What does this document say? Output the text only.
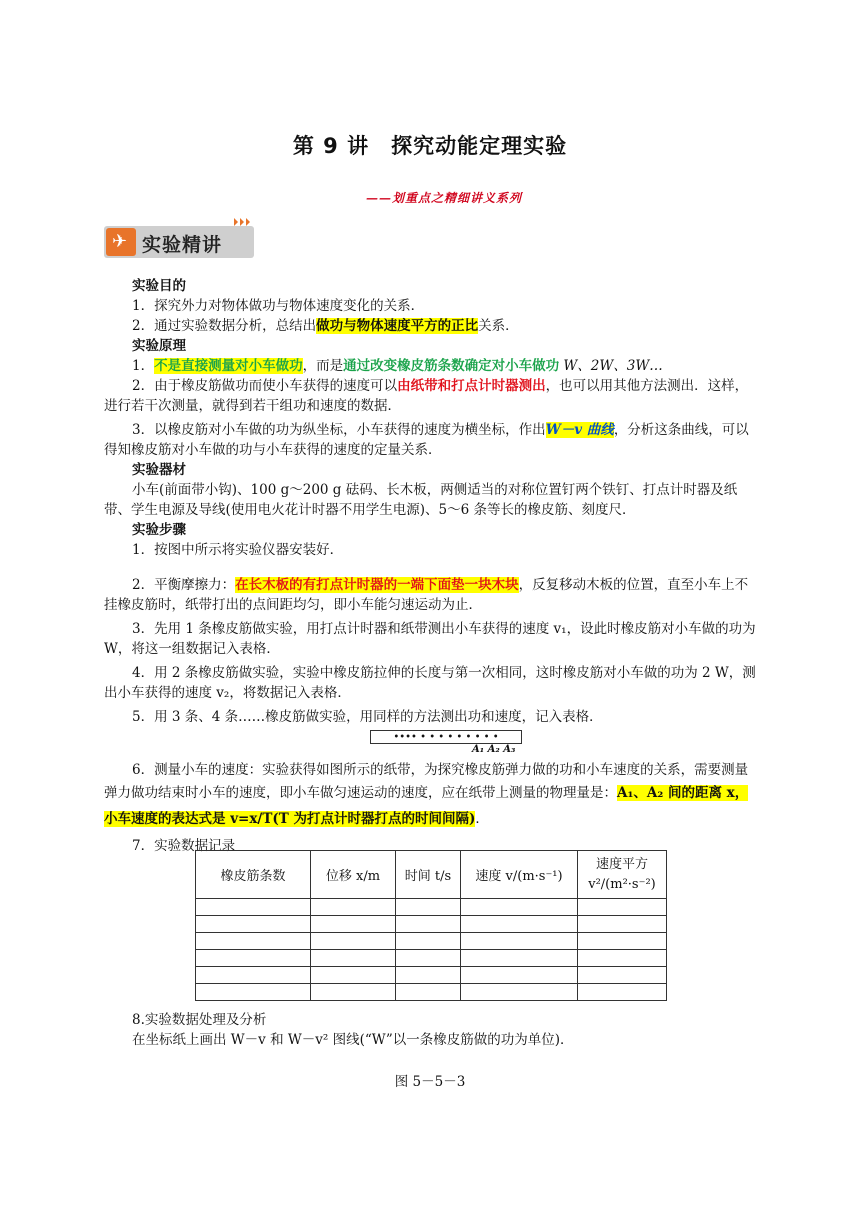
第 9 讲　探究动能定理实验
——划重点之精细讲义系列
✈ 实验精讲
实验目的
1．探究外力对物体做功与物体速度变化的关系．
2．通过实验数据分析，总结出做功与物体速度平方的正比关系．
实验原理
1．不是直接测量对小车做功，而是通过改变橡皮筋条数确定对小车做功 W、2W、3W…
2．由于橡皮筋做功而使小车获得的速度可以由纸带和打点计时器测出，也可以用其他方法测出．这样，进行若干次测量，就得到若干组功和速度的数据．
3．以橡皮筋对小车做的功为纵坐标，小车获得的速度为横坐标，作出W－v 曲线，分析这条曲线，可以得知橡皮筋对小车做的功与小车获得的速度的定量关系．
实验器材
小车(前面带小钩)、100 g～200 g 砝码、长木板，两侧适当的对称位置钉两个铁钉、打点计时器及纸带、学生电源及导线(使用电火花计时器不用学生电源)、5～6 条等长的橡皮筋、刻度尺．
实验步骤
1．按图中所示将实验仪器安装好．
2．平衡摩擦力：在长木板的有打点计时器的一端下面垫一块木块，反复移动木板的位置，直至小车上不挂橡皮筋时，纸带打出的点间距均匀，即小车能匀速运动为止．
3．先用 1 条橡皮筋做实验，用打点计时器和纸带测出小车获得的速度 v₁，设此时橡皮筋对小车做的功为 W，将这一组数据记入表格．
4．用 2 条橡皮筋做实验，实验中橡皮筋拉伸的长度与第一次相同，这时橡皮筋对小车做的功为 2 W，测出小车获得的速度 v₂，将数据记入表格．
5．用 3 条、4 条……橡皮筋做实验，用同样的方法测出功和速度，记入表格．
•••• • • • • • • • • •
A₁ A₂ A₃
6．测量小车的速度：实验获得如图所示的纸带，为探究橡皮筋弹力做的功和小车速度的关系，需要测量弹力做功结束时小车的速度，即小车做匀速运动的速度，应在纸带上测量的物理量是：A₁、A₂ 间的距离 x，小车速度的表达式是 v=x/T(T 为打点计时器打点的时间间隔)．
7．实验数据记录
橡皮筋条数	位移 x/m	时间 t/s	速度 v/(m·s⁻¹)	速度平方
v²/(m²·s⁻²)

8.实验数据处理及分析
在坐标纸上画出 W－v 和 W－v² 图线(“W”以一条橡皮筋做的功为单位)．
图 5－5－3
